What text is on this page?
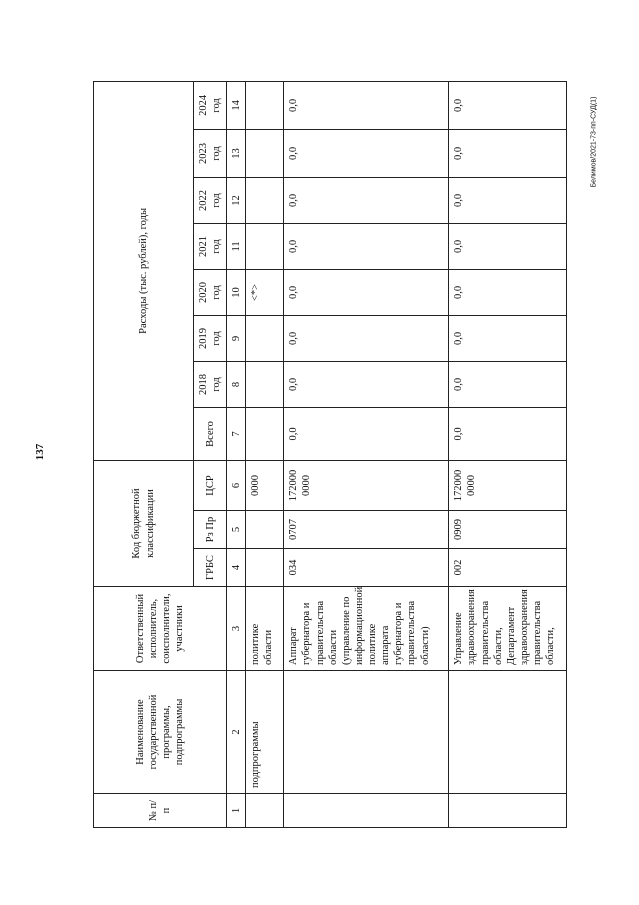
137
Белимов/2021-73-пп-СУД(1)
№ п/п	Наименование государственной программы, подпрограммы	Ответственный исполнитель, соисполнители, участники	Код бюджетной классификации			Расходы (тыс. рублей), годы							
			ГРБС	Рз Пр	ЦСР	Всего	2018 год	2019 год	2020 год	2021 год	2022 год	2023 год	2024 год
1	2	3	4	5	6	7	8	9	10	11	12	13	14
	подпрограммы	политике области			0000				<*>				
		Аппарат губернатора и правительства области (управление по информационной политике аппарата губернатора и правительства области)	034	0707	172000 0000	0,0	0,0	0,0	0,0	0,0	0,0	0,0	0,0
		Управление здравоохранения правительства области, Департамент здравоохранения правительства области,	002	0909	172000 0000	0,0	0,0	0,0	0,0	0,0	0,0	0,0	0,0
